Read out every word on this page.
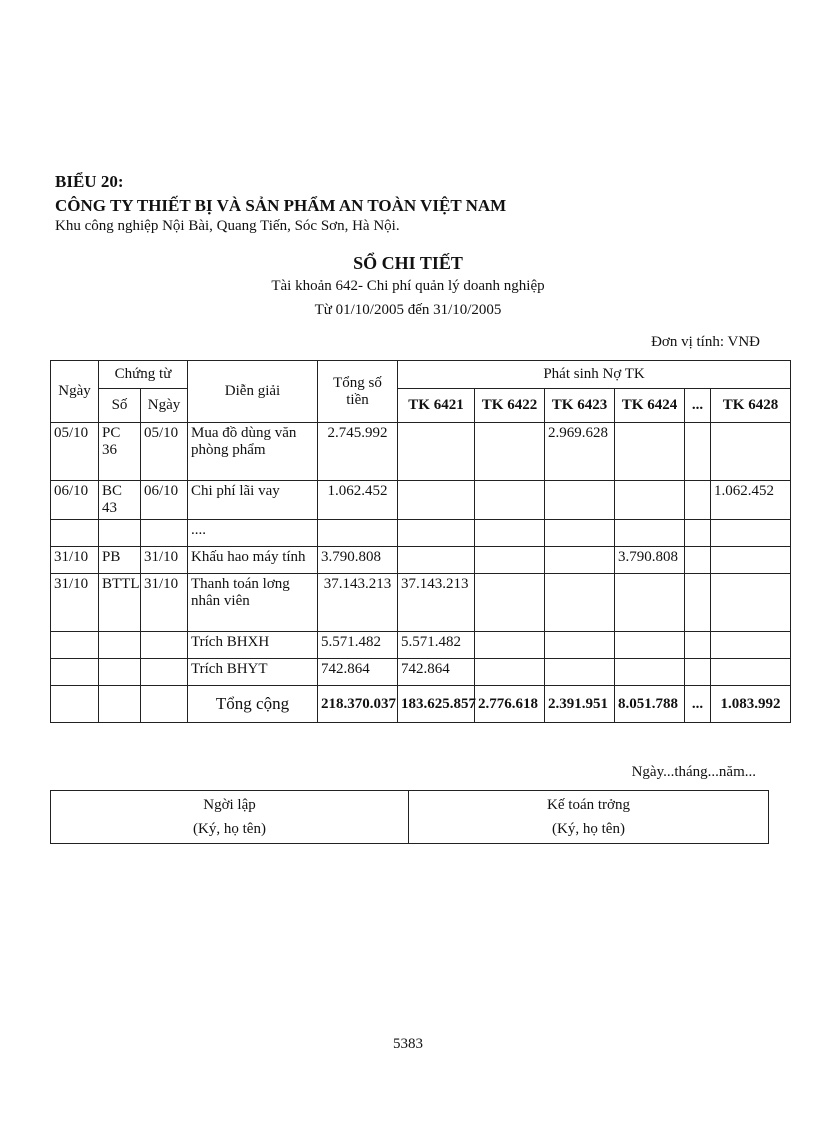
BIỂU 20:
CÔNG TY THIẾT BỊ VÀ SẢN PHẨM AN TOÀN VIỆT NAM
Khu công nghiệp Nội Bài, Quang Tiến, Sóc Sơn, Hà Nội.
SỔ CHI TIẾT
Tài khoản 642- Chi phí quản lý doanh nghiệp
Từ 01/10/2005 đến 31/10/2005
Đơn vị tính: VNĐ
Ngày	Chứng từ		Diễn giải	Tổng số tiền	Phát sinh Nợ TK					
	Số	Ngày			TK 6421	TK 6422	TK 6423	TK 6424	...	TK 6428
05/10	PC 36	05/10	Mua đồ dùng văn phòng phẩm	2.745.992			2.969.628			
06/10	BC 43	06/10	Chi phí lãi vay	1.062.452						1.062.452
			....							
31/10	PB	31/10	Khấu hao máy tính	3.790.808				3.790.808		
31/10	BTTL	31/10	Thanh toán lơng nhân viên	37.143.213	37.143.213					
			Trích BHXH	5.571.482	5.571.482					
			Trích BHYT	742.864	742.864					
			Tổng cộng	218.370.037	183.625.857	2.776.618	2.391.951	8.051.788	...	1.083.992
Ngày...tháng...năm...
Ngời lập
(Ký, họ tên)

Kế toán trởng
(Ký, họ tên)
5383
